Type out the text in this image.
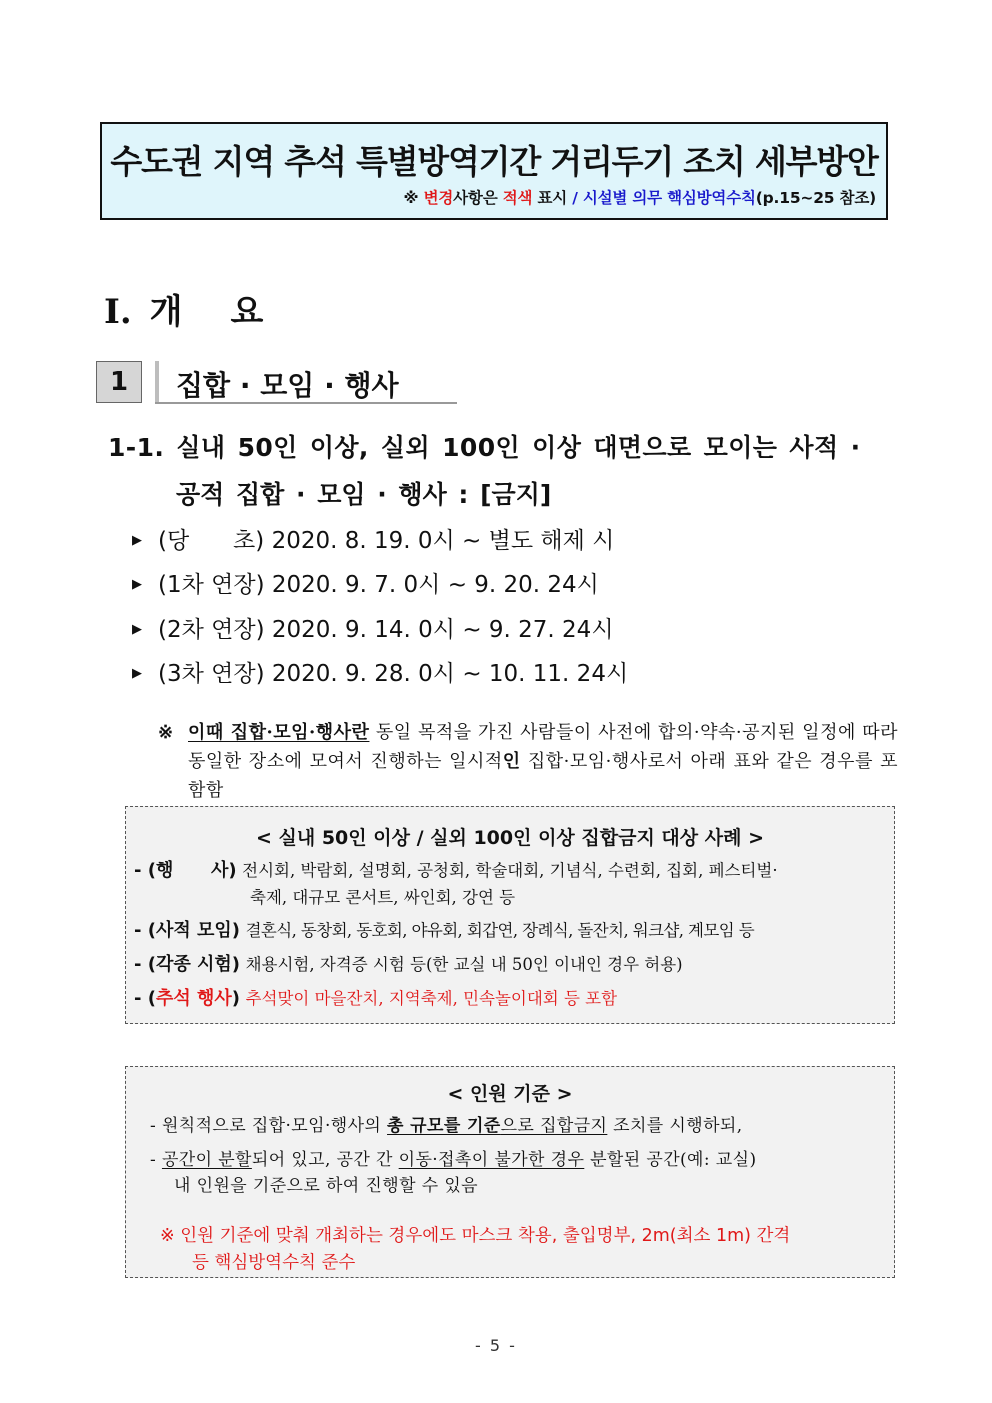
수도권 지역 추석 특별방역기간 거리두기 조치 세부방안
※ 변경사항은 적색 표시 / 시설별 의무 핵심방역수칙(p.15~25 참조)
Ⅰ. 개 요
1	집합 · 모임 · 행사
1-1. 실내 50인 이상, 실외 100인 이상 대면으로 모이는 사적 ·
공적 집합 · 모임 · 행사 : [금지]
▶ (당      초) 2020. 8. 19. 0시 ~ 별도 해제 시
▶ (1차 연장) 2020. 9. 7. 0시 ~ 9. 20. 24시
▶ (2차 연장) 2020. 9. 14. 0시 ~ 9. 27. 24시
▶ (3차 연장) 2020. 9. 28. 0시 ~ 10. 11. 24시
※ 이때 집합·모임·행사란 동일 목적을 가진 사람들이 사전에 합의·약속·공지된 일정에 따라 동일한 장소에 모여서 진행하는 일시적인 집합·모임·행사로서 아래 표와 같은 경우를 포함함
< 실내 50인 이상 / 실외 100인 이상 집합금지 대상 사례 >
- (행      사) 전시회, 박람회, 설명회, 공청회, 학술대회, 기념식, 수련회, 집회, 페스티벌·
축제, 대규모 콘서트, 싸인회, 강연 등
- (사적 모임) 결혼식, 동창회, 동호회, 야유회, 회갑연, 장례식, 돌잔치, 워크샵, 계모임 등
- (각종 시험) 채용시험, 자격증 시험 등(한 교실 내 50인 이내인 경우 허용)
- (추석 행사) 추석맞이 마을잔치, 지역축제, 민속놀이대회 등 포함
< 인원 기준 >
- 원칙적으로 집합·모임·행사의 총 규모를 기준으로 집합금지 조치를 시행하되,
- 공간이 분할되어 있고, 공간 간 이동·접촉이 불가한 경우 분할된 공간(예: 교실)
내 인원을 기준으로 하여 진행할 수 있음
※ 인원 기준에 맞춰 개최하는 경우에도 마스크 착용, 출입명부, 2m(최소 1m) 간격
등 핵심방역수칙 준수
- 5 -
